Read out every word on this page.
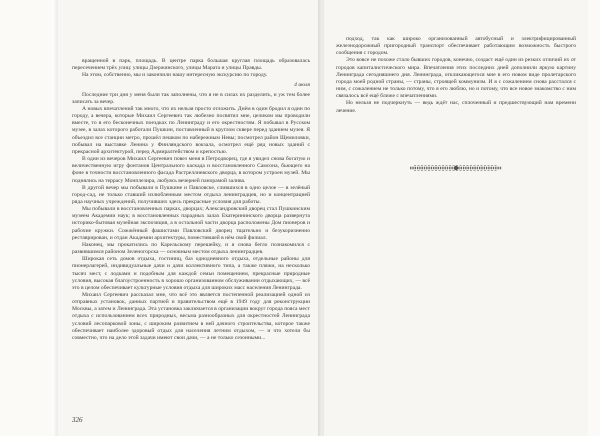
вращенной в парк, площадь. В центре парка большая круглая площадь образовалась пересечением трёх улиц: улицы Дзержинского, улицы Марата и улицы Правды.

На этом, собственно, мы и закончили нашу интересную экскурсию по городу.

4 июля

Последние три дня у меня были так заполнены, что я не в силах их разделить, и уж тем более записать за вечер.

А новых впечатлений так много, что их нельзя просто отложить. Днём в один бродил я один по городу, а вечера, которые Михаил Сергеевич так любезно посвятил мне, целиком мы проводили вместе, то в его бесконечных поездках по Ленинграду и его окрестностям. Я побывал в Русском музее, в залах которого работали Пушкин, поставленный в круглом сквере перед зданием музея. Я объездил все станции метро, прошёл пешком по набережным Невы; посмотрел район Щемиловки, побывал на выставке Ленина у Финляндского вокзала, осмотрел ещё ряд новых зданий с прекрасной архитектурой, перед Адмиралтейством и крепостью.

В один из вечеров Михаил Сергеевич повез меня в Петродворец, где я увидел снова богатую и величественную игру фонтанов Центрального каскада и восстановленного Самсона, бьющего на фоне в точности восстановленного фасада Растреллиевского дворца, в котором устроен музей. Мы поднялись на террасу Монплезира, любуясь вечерней панорамой залива.

В другой вечер мы побывали в Пушкине и Павловске, слившихся в одно целое — в зелёный город-сад, не только ставший излюбленным местом отдыха ленинградцев, но и концентрацией ряда научных учреждений, получивших здесь прекрасные условия для работы.

Мы побывали в восстановленных парках, дворцах; Александровский дворец стал Пушкинским музеем Академии наук; в восстановленных парадных залах Екатерининского дворца развернута историко-бытовая музейная экспозиция, а в остальной части дворца расположены Дом пионеров и рабочие кружки. Сожжённый фашистами Павловский дворец тщательно и безукоризненно реставрирован, и отдан Академии архитектуры, поместившей в нём свой филиал.

Наконец, мы прокатились по Карельскому перешейку, и я снова бегло познакомился с развившимся районом Зеленогорска — основным местом отдыха ленинградцев.

Широкая сеть домов отдыха, гостиниц, баз однодневного отдыха, отдельные районы для пионерлагерей, индивидуальные дачи и дачи коллективного типа, а также пляжи, на несколько тысяч мест, с лодками и подобным для каждой семьи помещением, прекрасные природные условия, высокая благоустроенность в хорошо организованном обслуживании отдыхающих, — всё это в целом обеспечивает культурные условия отдыха для широких масс населения Ленинграда.

Михаил Сергеевич рассказал мне, что всё это является постепенной реализацией одной из отправных установок, данных партией и правительством ещё в 1949 году для реконструкции Москвы, а затем и Ленинграда. Эта установка заключается в организации вокруг города пояса мест отдыха с использованием всех природных, весьма разнообразных для окрестностей Ленинграда условий лесопарковой зоны, с широким развитием в ней дачного строительства, которое также обеспечивает наиболее здоровый отдых для населения летним отдыхом, — и что хотели бы совместно, что на дело этой задачи имеют свои дачи, — а не только сезонными...

326

подход, так как широко организованный автобусный и электрифицированный железнодорожный пригородный транспорт обеспечивает работающим возможность быстрого сообщения с городом.

Это вовсе не похоже стало бывших городов, конечно, создаст ещё один из резких отличий их от городов капиталистического мира. Впечатления этих последних дней дополнили яркую картину Ленинграда сегодняшнего дня. Ленинграда, откликающегося мне в его новом виде пролетарского города моей родной страны, — страны, строящей коммунизм. И я с сожалением снова расстался с ним, с сожалением не только потому, что я его люблю, но и потому, что все новое знакомство с ним связалось всё ещё ближе с впечатлениями.

Но нельзя не подчеркнуть — ведь ждёт нас, сплоченный и предшествующий нам времени лечение.
